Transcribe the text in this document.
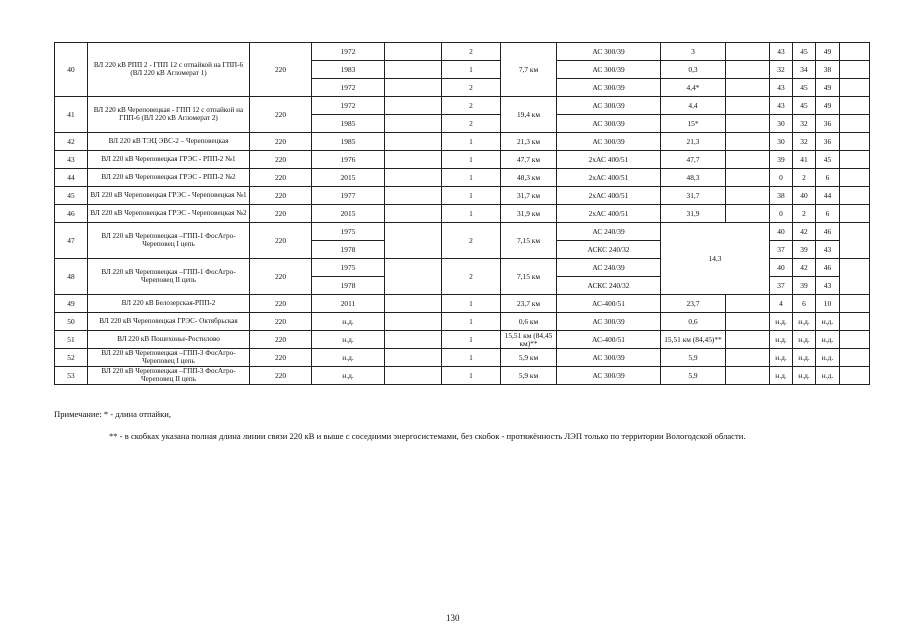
40	ВЛ 220 кВ РПП 2 - ГПП 12 с отпайкой на ГПП-6 (ВЛ 220 кВ Агломерат 1)	220	1972		2	7,7 км	АС 300/39	3		43	45	49	
			1983		1		АС 300/39	0,3		32	34	38	
			1972		2		АС 300/39	4,4*		43	45	49	
41	ВЛ 220 кВ Череповецкая - ГПП 12 с отпайкой на ГПП-6 (ВЛ 220 кВ Агломерат 2)	220	1972		2	19,4 км	АС 300/39	4,4		43	45	49	
			1985		2		АС 300/39	15*		30	32	36	
42	ВЛ 220 кВ ТЭЦ ЭВС-2 – Череповецкая	220	1985		1	21,3 км	АС 300/39	21,3		30	32	36	
43	ВЛ 220 кВ Череповецкая ГРЭС - РПП-2 №1	220	1976		1	47,7 км	2хАС 400/51	47,7		39	41	45	
44	ВЛ 220 кВ Череповецкая ГРЭС - РПП-2 №2	220	2015		1	48,3 км	2хАС 400/51	48,3		0	2	6	
45	ВЛ 220 кВ Череповецкая ГРЭС - Череповецкая №1	220	1977		1	31,7 км	2хАС 400/51	31,7		38	40	44	
46	ВЛ 220 кВ Череповецкая ГРЭС - Череповецкая №2	220	2015		1	31,9 км	2хАС 400/51	31,9		0	2	6	
47	ВЛ 220 кВ Череповецкая –ГПП-1 ФосАгро-Череповец I цепь	220	1975		2	7,15 км	АС 240/39	14,3		40	42	46	
			1978				АСКС 240/32			37	39	43	
48	ВЛ 220 кВ Череповецкая –ГПП-1 ФосАгро-Череповец II цепь	220	1975		2	7,15 км	АС 240/39			40	42	46	
			1978				АСКС 240/32			37	39	43	
49	ВЛ 220 кВ Белозерская-РПП-2	220	2011		1	23,7 км	АС-400/51	23,7		4	6	10	
50	ВЛ 220 кВ Череповецкая ГРЭС- Октябрьская	220	н.д.		1	0,6 км	АС 300/39	0,6		н.д.	н.д.	н.д.	
51	ВЛ 220 кВ Пошехонье-Ростилово	220	н.д.		1	15,51 км (84,45 км)**	АС-400/51	15,51 км (84,45)**		н.д.	н.д.	н.д.	
52	ВЛ 220 кВ Череповецкая –ГПП-3 ФосАгро-Череповец I цепь	220	н.д.		1	5,9 км	АС 300/39	5,9		н.д.	н.д.	н.д.	
53	ВЛ 220 кВ Череповецкая –ГПП-3 ФосАгро-Череповец II цепь	220	н.д.		1	5,9 км	АС 300/39	5,9		н.д.	н.д.	н.д.	
Примечание: * - длина отпайки,
** - в скобках указана полная длина линии связи 220 кВ и выше с соседними энергосистемами, без скобок - протяжённость ЛЭП только по территории Вологодской области.
130
